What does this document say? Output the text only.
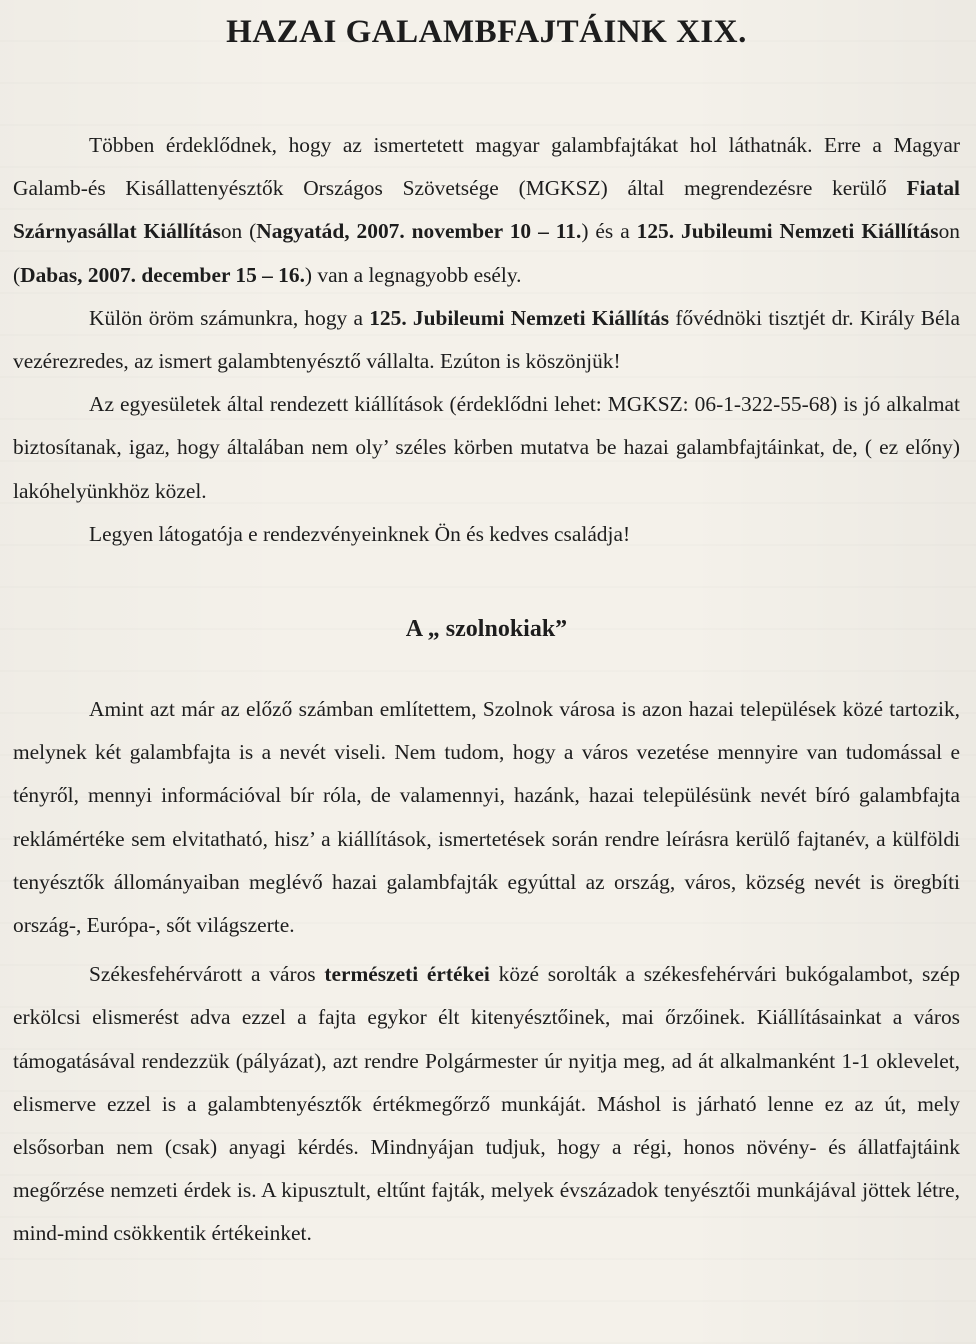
HAZAI GALAMBFAJTÁINK XIX.

Többen érdeklődnek, hogy az ismertetett magyar galambfajtákat hol láthatnák. Erre a Magyar Galamb-és Kisállattenyésztők Országos Szövetsége (MGKSZ) által megrendezésre kerülő Fiatal Szárnyasállat Kiállításon (Nagyatád, 2007. november 10 – 11.) és a 125. Jubileumi Nemzeti Kiállításon (Dabas, 2007. december 15 – 16.) van a legnagyobb esély.

Külön öröm számunkra, hogy a 125. Jubileumi Nemzeti Kiállítás fővédnöki tisztjét dr. Király Béla vezérezredes, az ismert galambtenyésztő vállalta. Ezúton is köszönjük!

Az egyesületek által rendezett kiállítások (érdeklődni lehet: MGKSZ: 06-1-322-55-68) is jó alkalmat biztosítanak, igaz, hogy általában nem oly’ széles körben mutatva be hazai galambfajtáinkat, de, ( ez előny) lakóhelyünkhöz közel.

Legyen látogatója e rendezvényeinknek Ön és kedves családja!

A „ szolnokiak”

Amint azt már az előző számban említettem, Szolnok városa is azon hazai települések közé tartozik, melynek két galambfajta is a nevét viseli. Nem tudom, hogy a város vezetése mennyire van tudomással e tényről, mennyi információval bír róla, de valamennyi, hazánk, hazai településünk nevét bíró galambfajta reklámértéke sem elvitatható, hisz’ a kiállítások, ismertetések során rendre leírásra kerülő fajtanév, a külföldi tenyésztők állományaiban meglévő hazai galambfajták egyúttal az ország, város, község nevét is öregbíti ország-, Európa-, sőt világszerte.

Székesfehérvárott a város természeti értékei közé sorolták a székesfehérvári bukógalambot, szép erkölcsi elismerést adva ezzel a fajta egykor élt kitenyésztőinek, mai őrzőinek. Kiállításainkat a város támogatásával rendezzük (pályázat), azt rendre Polgármester úr nyitja meg, ad át alkalmanként 1-1 oklevelet, elismerve ezzel is a galambtenyésztők értékmegőrző munkáját. Máshol is járható lenne ez az út, mely elsősorban nem (csak) anyagi kérdés. Mindnyájan tudjuk, hogy a régi, honos növény- és állatfajtáink megőrzése nemzeti érdek is. A kipusztult, eltűnt fajták, melyek évszázadok tenyésztői munkájával jöttek létre, mind-mind csökkentik értékeinket.
